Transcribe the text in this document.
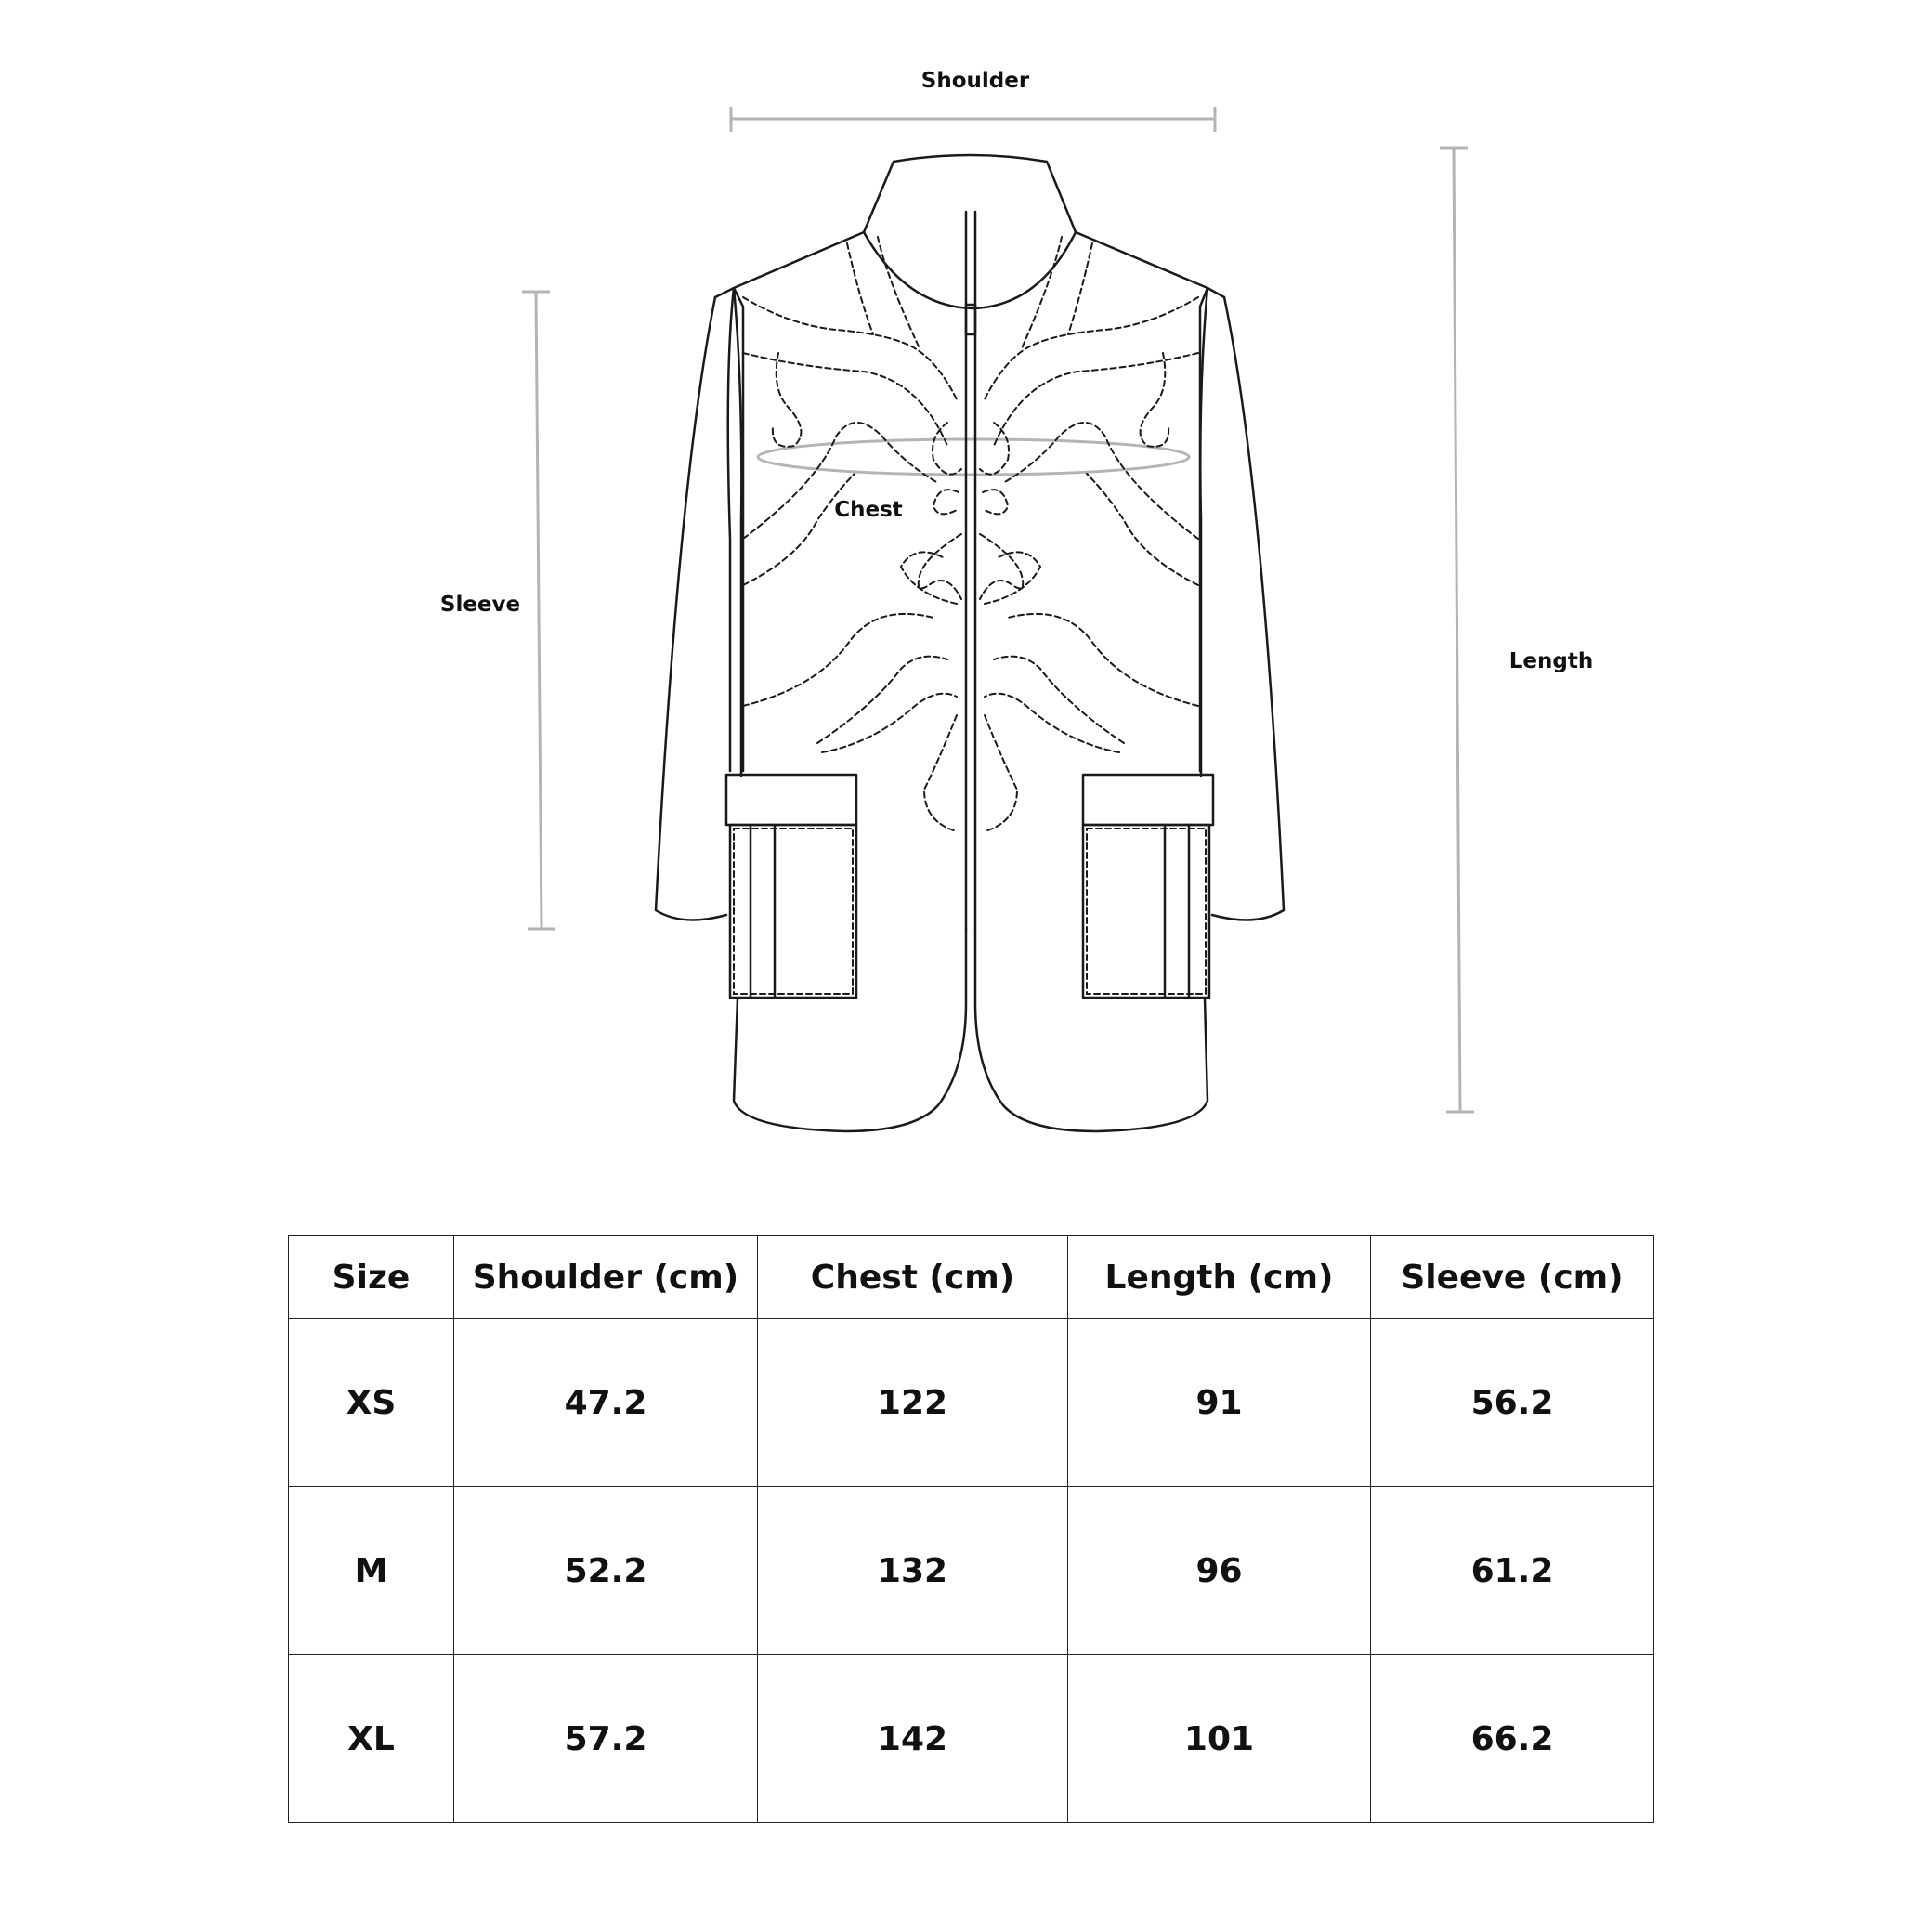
Shoulder
Chest
Sleeve
Length
Size	Shoulder (cm)	Chest (cm)	Length (cm)	Sleeve (cm)
XS	47.2	122	91	56.2
M	52.2	132	96	61.2
XL	57.2	142	101	66.2
